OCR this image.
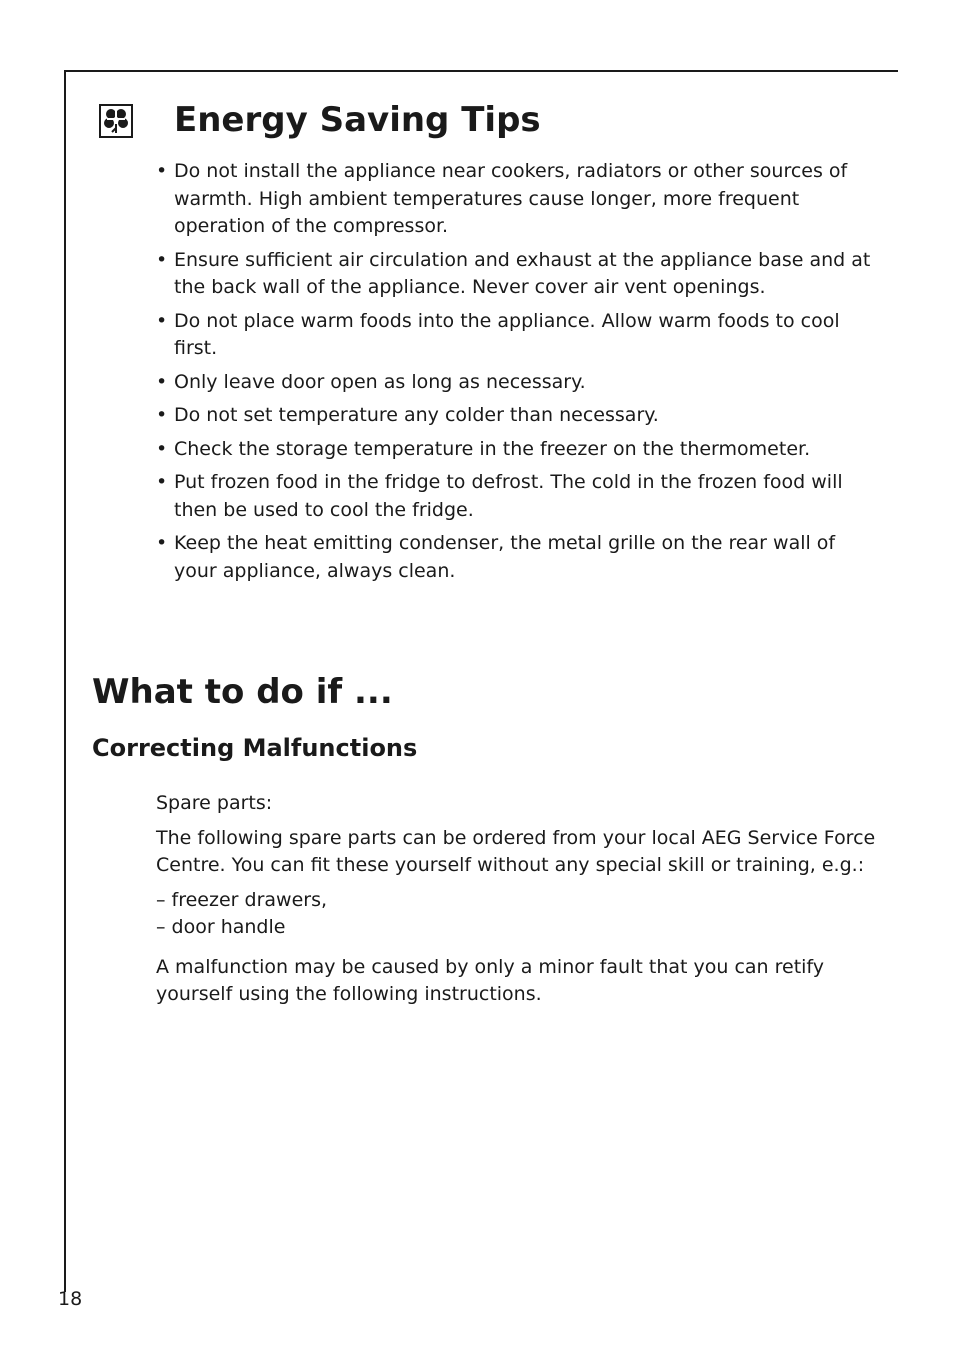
Energy Saving Tips
• Do not install the appliance near cookers, radiators or other sources of warmth. High ambient temperatures cause longer, more frequent operation of the compressor.
• Ensure sufficient air circulation and exhaust at the appliance base and at the back wall of the appliance. Never cover air vent openings.
• Do not place warm foods into the appliance. Allow warm foods to cool first.
• Only leave door open as long as necessary.
• Do not set temperature any colder than necessary.
• Check the storage temperature in the freezer on the thermometer.
• Put frozen food in the fridge to defrost. The cold in the frozen food will then be used to cool the fridge.
• Keep the heat emitting condenser, the metal grille on the rear wall of your appliance, always clean.
What to do if ...
Correcting Malfunctions

Spare parts:

The following spare parts can be ordered from your local AEG Service Force Centre. You can fit these yourself without any special skill or training, e.g.:

– freezer drawers,
– door handle

A malfunction may be caused by only a minor fault that you can retify yourself using the following instructions.

18
